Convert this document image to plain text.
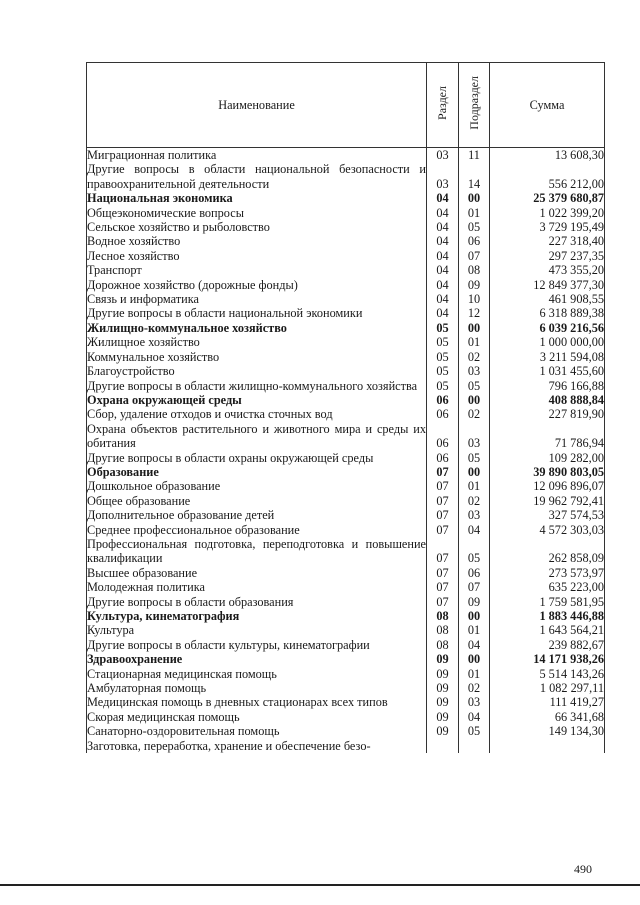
Наименование	Раздел	Подраздел	Сумма
Миграционная политика	03	11	13 608,30
Другие вопросы в области национальной безопасности и правоохранительной деятельности	03	14	556 212,00
Национальная экономика	04	00	25 379 680,87
Общеэкономические вопросы	04	01	1 022 399,20
Сельское хозяйство и рыболовство	04	05	3 729 195,49
Водное хозяйство	04	06	227 318,40
Лесное хозяйство	04	07	297 237,35
Транспорт	04	08	473 355,20
Дорожное хозяйство (дорожные фонды)	04	09	12 849 377,30
Связь и информатика	04	10	461 908,55
Другие вопросы в области национальной экономики	04	12	6 318 889,38
Жилищно-коммунальное хозяйство	05	00	6 039 216,56
Жилищное хозяйство	05	01	1 000 000,00
Коммунальное хозяйство	05	02	3 211 594,08
Благоустройство	05	03	1 031 455,60
Другие вопросы в области жилищно-коммунального хозяйства	05	05	796 166,88
Охрана окружающей среды	06	00	408 888,84
Сбор, удаление отходов и очистка сточных вод	06	02	227 819,90
Охрана объектов растительного и животного мира и среды их обитания	06	03	71 786,94
Другие вопросы в области охраны окружающей среды	06	05	109 282,00
Образование	07	00	39 890 803,05
Дошкольное образование	07	01	12 096 896,07
Общее образование	07	02	19 962 792,41
Дополнительное образование детей	07	03	327 574,53
Среднее профессиональное образование	07	04	4 572 303,03
Профессиональная подготовка, переподготовка и повышение квалификации	07	05	262 858,09
Высшее образование	07	06	273 573,97
Молодежная политика	07	07	635 223,00
Другие вопросы в области образования	07	09	1 759 581,95
Культура, кинематография	08	00	1 883 446,88
Культура	08	01	1 643 564,21
Другие вопросы в области культуры, кинематографии	08	04	239 882,67
Здравоохранение	09	00	14 171 938,26
Стационарная медицинская помощь	09	01	5 514 143,26
Амбулаторная помощь	09	02	1 082 297,11
Медицинская помощь в дневных стационарах всех типов	09	03	111 419,27
Скорая медицинская помощь	09	04	66 341,68
Санаторно-оздоровительная помощь	09	05	149 134,30
Заготовка, переработка, хранение и обеспечение безо-			
490
